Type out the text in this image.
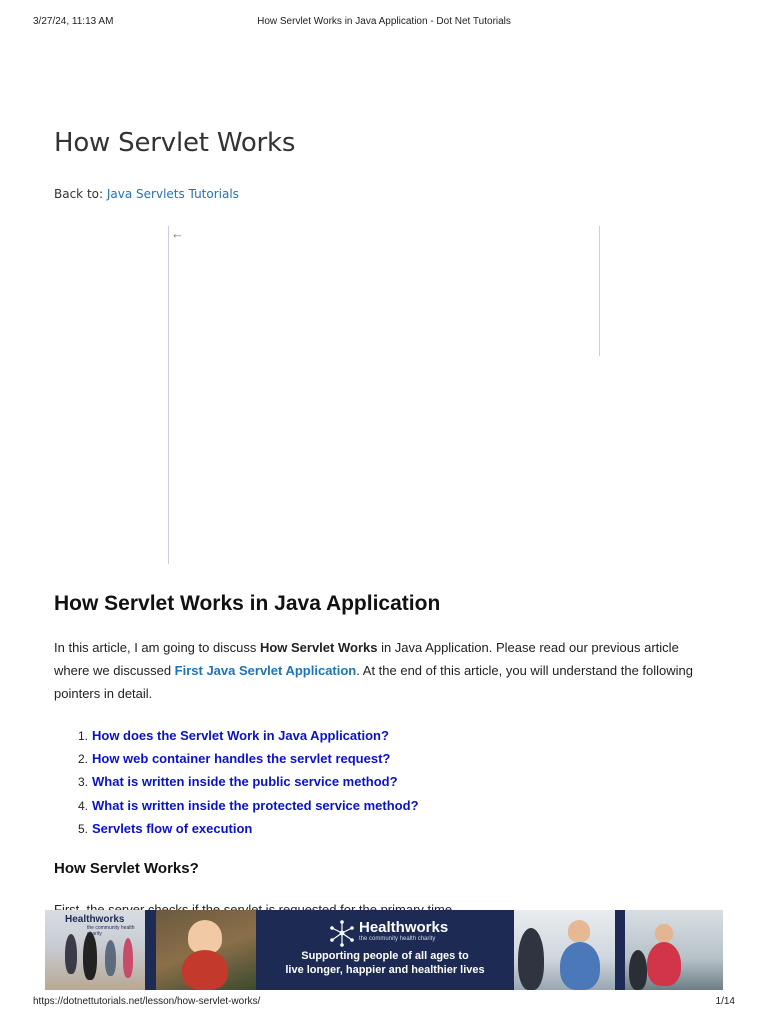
3/27/24, 11:13 AM	How Servlet Works in Java Application - Dot Net Tutorials
How Servlet Works
Back to: Java Servlets Tutorials
←
How Servlet Works in Java Application

In this article, I am going to discuss How Servlet Works in Java Application. Please read our previous article where we discussed First Java Servlet Application. At the end of this article, you will understand the following pointers in detail.

1. How does the Servlet Work in Java Application?
2. How web container handles the servlet request?
3. What is written inside the public service method?
4. What is written inside the protected service method?
5. Servlets flow of execution
How Servlet Works?

Healthworks
the community health charity	Healthworks
the community health charity
Supporting people of all ages to
live longer, happier and healthier lives
https://dotnettutorials.net/lesson/how-servlet-works/	1/14
